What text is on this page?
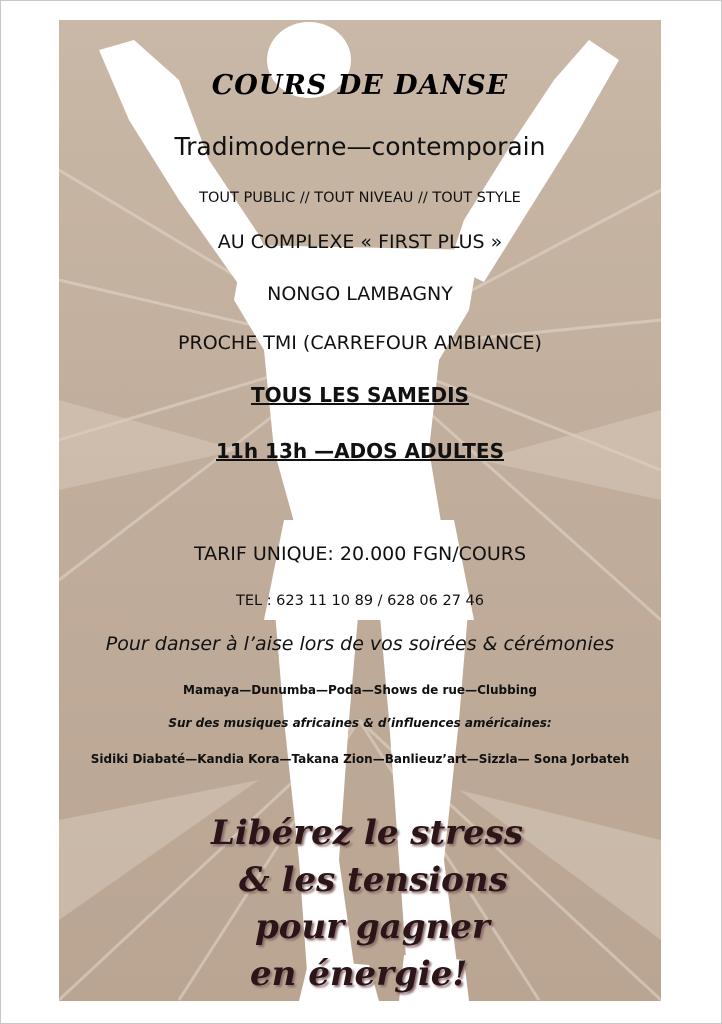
COURS DE DANSE
Tradimoderne—contemporain
TOUT PUBLIC // TOUT NIVEAU // TOUT STYLE
AU COMPLEXE « FIRST PLUS »
NONGO LAMBAGNY
PROCHE TMI (CARREFOUR AMBIANCE)
TOUS LES SAMEDIS
11h 13h —ADOS ADULTES
TARIF UNIQUE: 20.000 FGN/COURS
TEL : 623 11 10 89 / 628 06 27 46
Pour danser à l’aise lors de vos soirées & cérémonies
Mamaya—Dunumba—Poda—Shows de rue—Clubbing
Sur des musiques africaines & d’influences américaines:
Sidiki Diabaté—Kandia Kora—Takana Zion—Banlieuz’art—Sizzla— Sona Jorbateh
Libérez le stress
& les tensions
pour gagner
en énergie!
